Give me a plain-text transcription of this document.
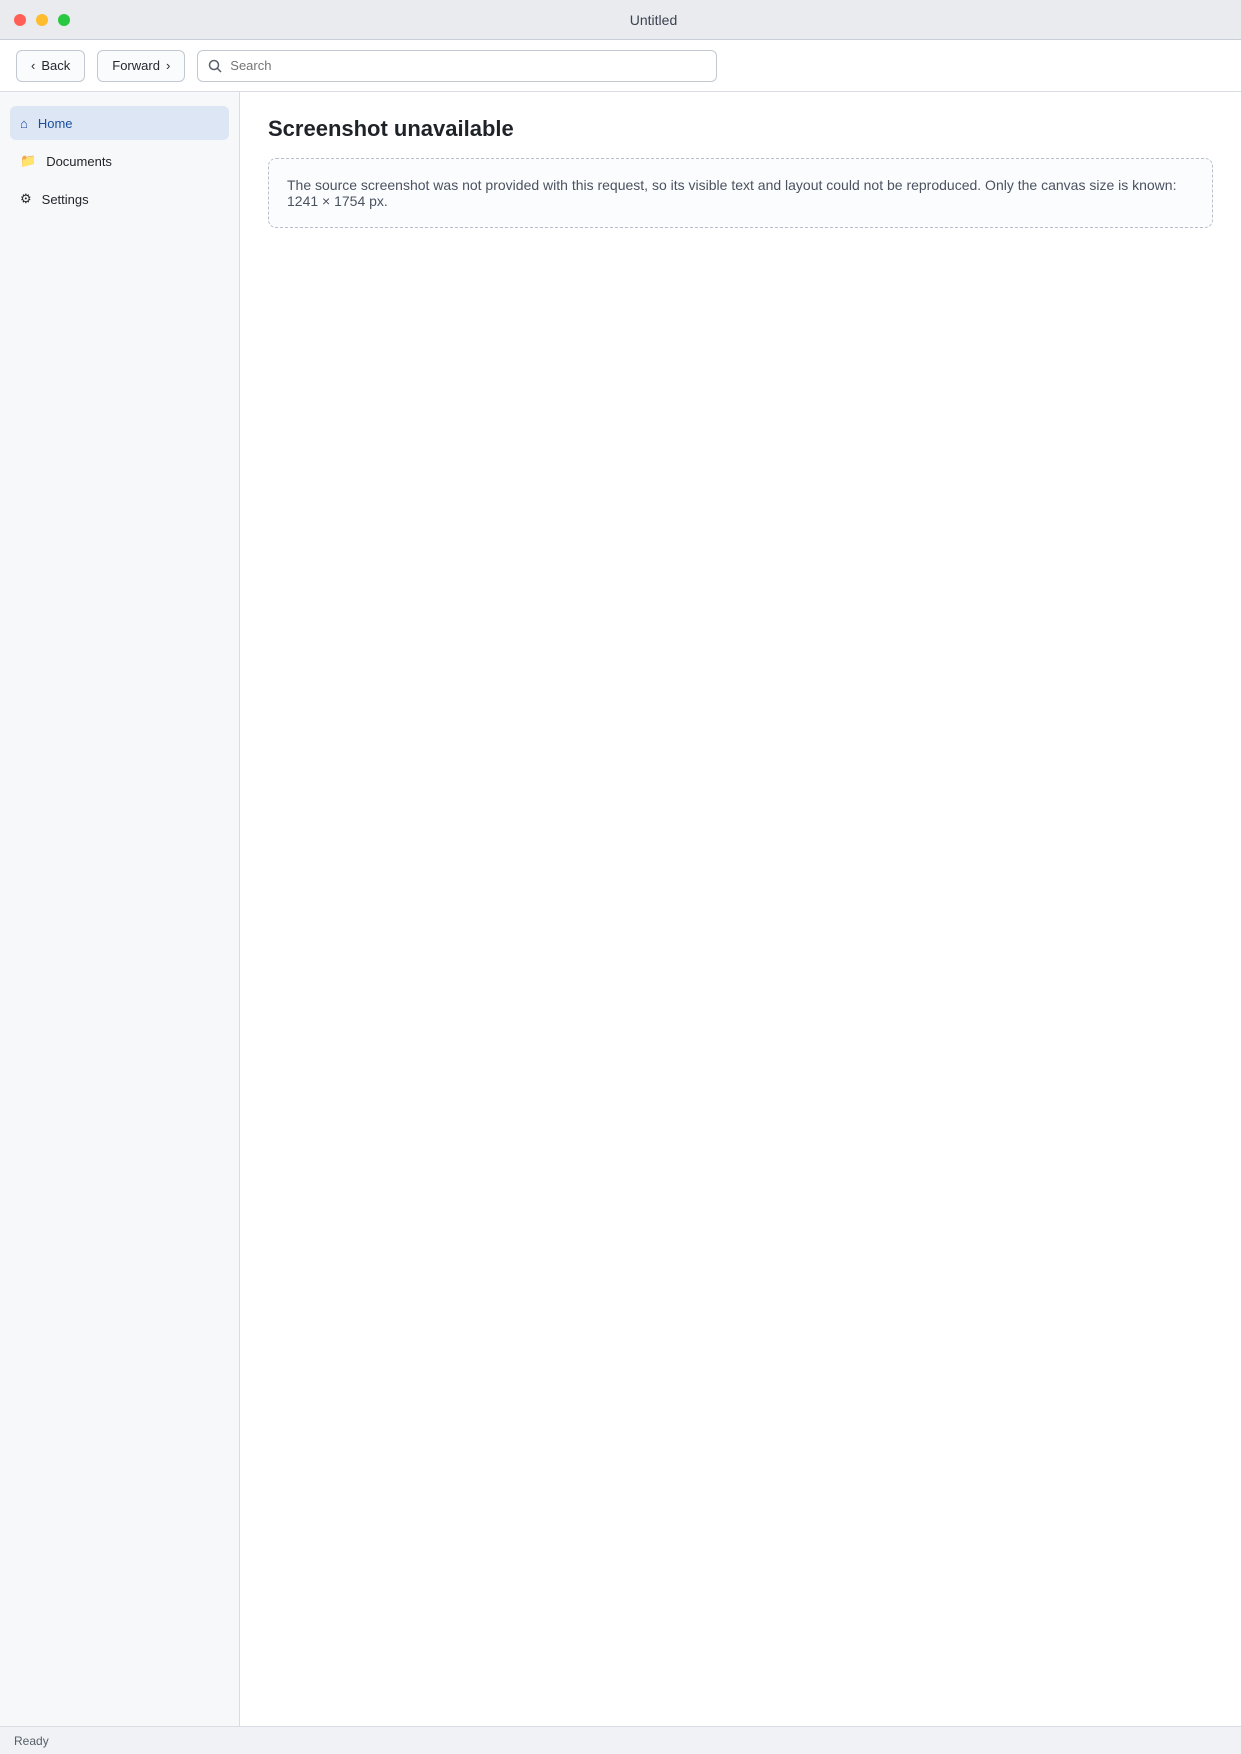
Untitled
‹ Back	Forward ›
Search
⌂ Home
📁 Documents
⚙ Settings
Screenshot unavailable
The source screenshot was not provided with this request, so its visible text and layout could not be reproduced. Only the canvas size is known: 1241 × 1754 px.
Ready
